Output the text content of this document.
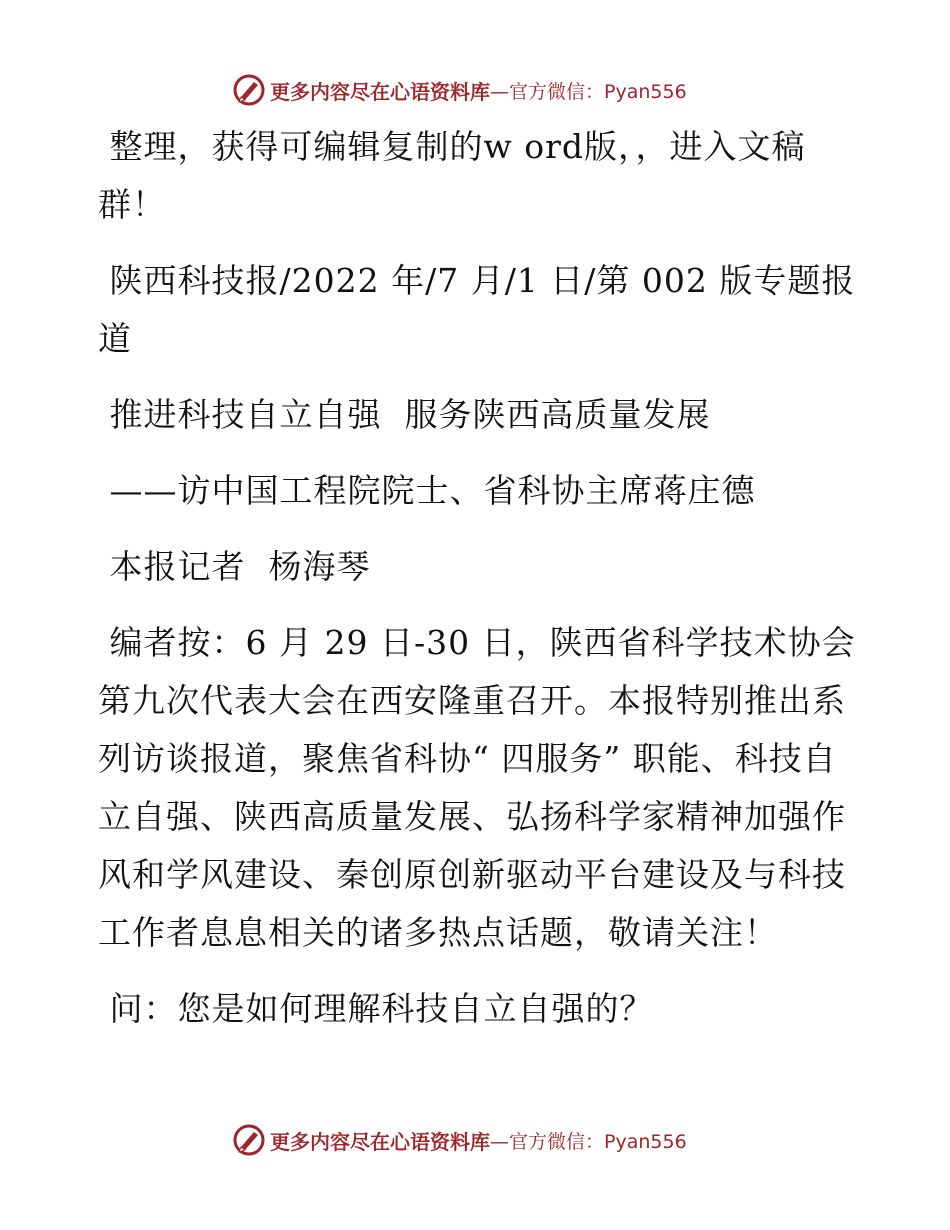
更多内容尽在心语资料库 —官方微信：Pyan556

整理，获得可编辑复制的w ord版，，进入文稿群！

陕西科技报/2022 年/7 月/1 日/第 002 版专题报道

推进科技自立自强  服务陕西高质量发展

——访中国工程院院士、省科协主席蒋庄德

本报记者  杨海琴

编者按：6 月 29 日-30 日，陕西省科学技术协会第九次代表大会在西安隆重召开。本报特别推出系列访谈报道，聚焦省科协“ 四服务” 职能、科技自立自强、陕西高质量发展、弘扬科学家精神加强作风和学风建设、秦创原创新驱动平台建设及与科技工作者息息相关的诸多热点话题，敬请关注！

问：您是如何理解科技自立自强的？

更多内容尽在心语资料库 —官方微信：Pyan556
